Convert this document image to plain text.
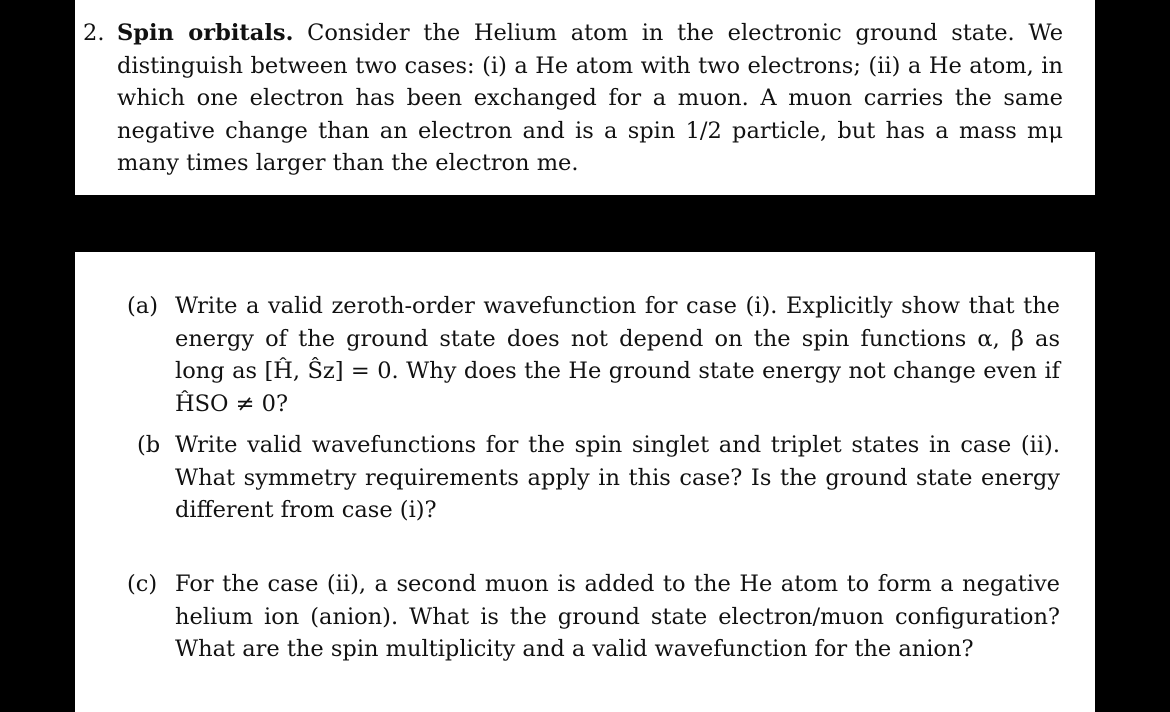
2. Spin orbitals. Consider the Helium atom in the electronic ground state. We distinguish between two cases: (i) a He atom with two electrons; (ii) a He atom, in which one electron has been exchanged for a muon. A muon carries the same negative change than an electron and is a spin 1/2 particle, but has a mass mμ many times larger than the electron me.
(a) Write a valid zeroth-order wavefunction for case (i). Explicitly show that the energy of the ground state does not depend on the spin functions α, β as long as [Ĥ, Ŝz] = 0. Why does the He ground state energy not change even if ĤSO ≠ 0?
(b Write valid wavefunctions for the spin singlet and triplet states in case (ii). What symmetry requirements apply in this case? Is the ground state energy different from case (i)?
(c) For the case (ii), a second muon is added to the He atom to form a negative helium ion (anion). What is the ground state electron/muon configuration? What are the spin multiplicity and a valid wavefunction for the anion?
